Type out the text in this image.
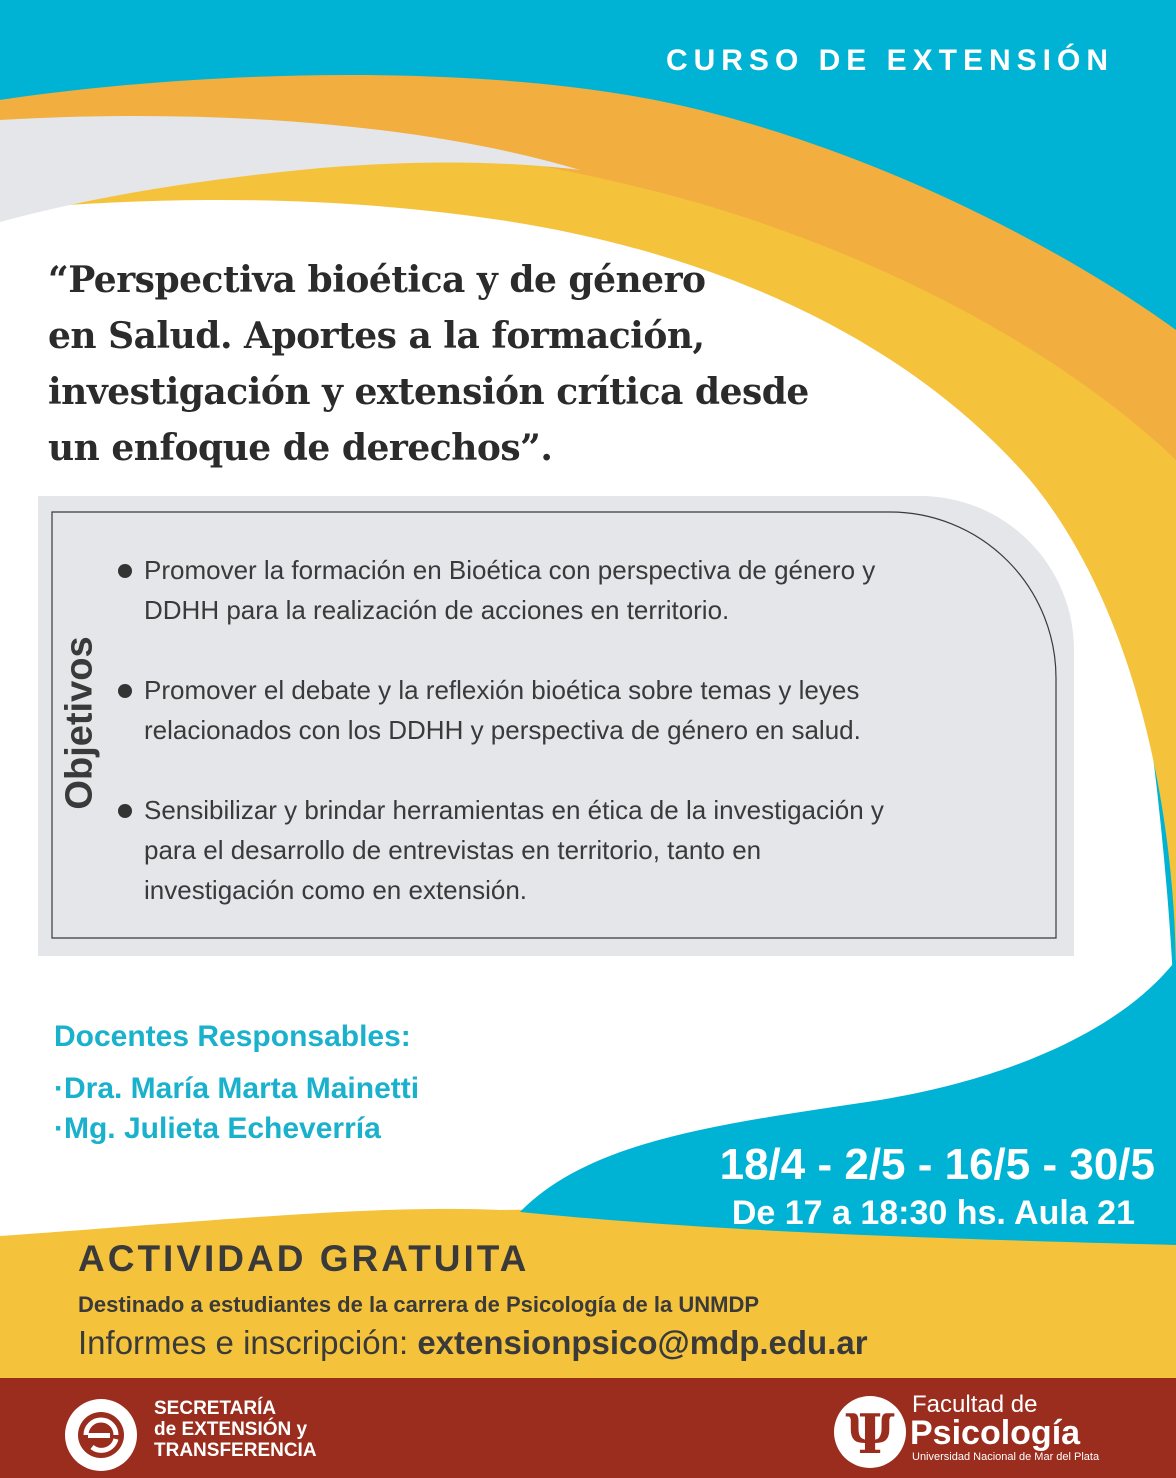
Ψ
CURSO DE EXTENSIÓN
“Perspectiva bioética y de género
en Salud. Aportes a la formación,
investigación y extensión crítica desde
un enfoque de derechos”.
Objetivos
Promover la formación en Bioética con perspectiva de género y
DDHH para la realización de acciones en territorio.
Promover el debate y la reflexión bioética sobre temas y leyes
relacionados con los DDHH y perspectiva de género en salud.
Sensibilizar y brindar herramientas en ética de la investigación y
para el desarrollo de entrevistas en territorio, tanto en
investigación como en extensión.
Docentes Responsables:
·Dra. María Marta Mainetti
·Mg. Julieta Echeverría
18/4 - 2/5 - 16/5 - 30/5
De 17 a 18:30 hs. Aula 21
ACTIVIDAD GRATUITA
Destinado a estudiantes de la carrera de Psicología de la UNMDP
Informes e inscripción: extensionpsico@mdp.edu.ar
SECRETARÍA
de EXTENSIÓN y
TRANSFERENCIA
Facultad de
Psicología
Universidad Nacional de Mar del Plata
